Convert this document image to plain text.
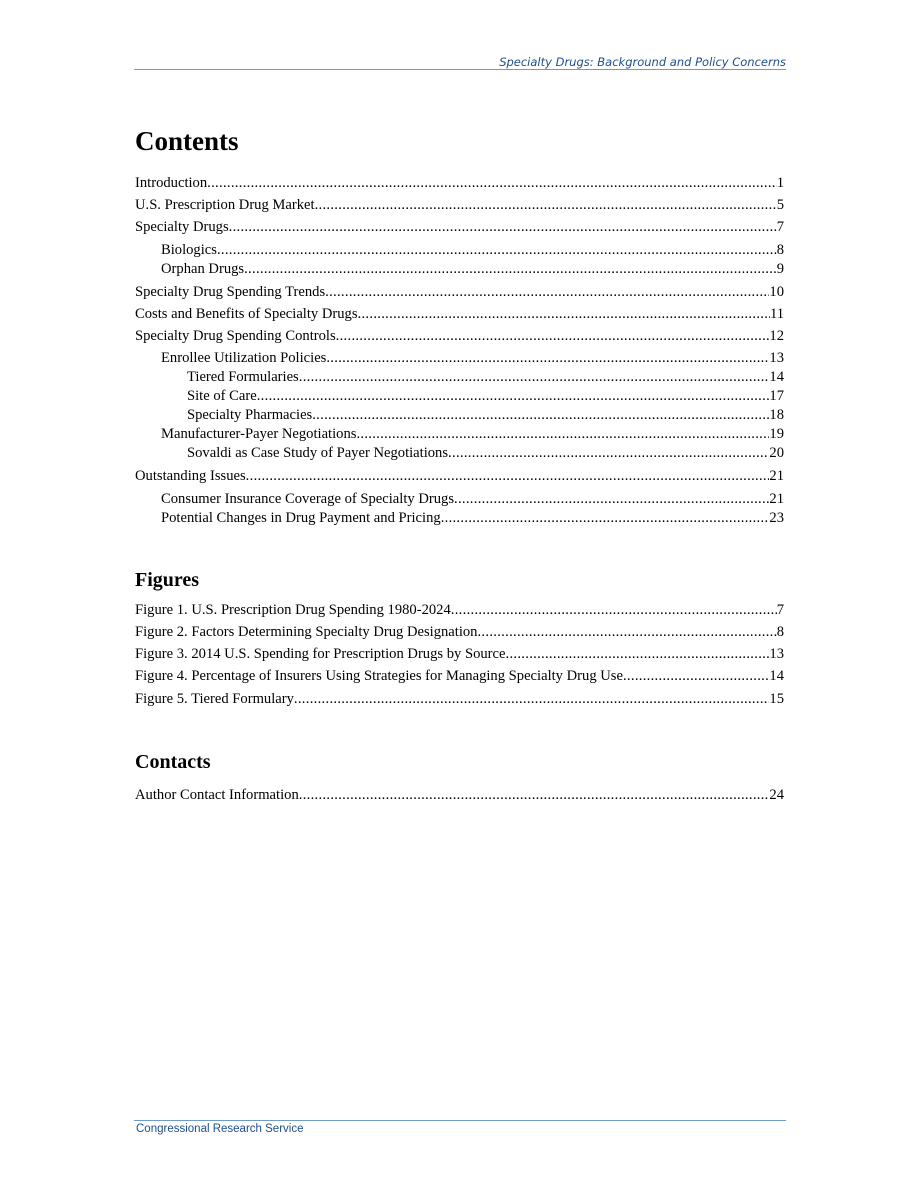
Specialty Drugs: Background and Policy Concerns
Contents
Introduction .....	1
U.S. Prescription Drug Market .....	5
Specialty Drugs .....	7
Biologics .....	8
Orphan Drugs .....	9
Specialty Drug Spending Trends .....	10
Costs and Benefits of Specialty Drugs .....	11
Specialty Drug Spending Controls .....	12
Enrollee Utilization Policies .....	13
Tiered Formularies .....	14
Site of Care .....	17
Specialty Pharmacies .....	18
Manufacturer-Payer Negotiations .....	19
Sovaldi as Case Study of Payer Negotiations .....	20
Outstanding Issues .....	21
Consumer Insurance Coverage of Specialty Drugs .....	21
Potential Changes in Drug Payment and Pricing .....	23
Figures
Figure 1. U.S. Prescription Drug Spending 1980-2024 .....	7
Figure 2. Factors Determining Specialty Drug Designation .....	8
Figure 3. 2014 U.S. Spending for Prescription Drugs by Source .....	13
Figure 4. Percentage of Insurers Using Strategies for Managing Specialty Drug Use .....	14
Figure 5. Tiered Formulary .....	15
Contacts
Author Contact Information .....	24
Congressional Research Service
